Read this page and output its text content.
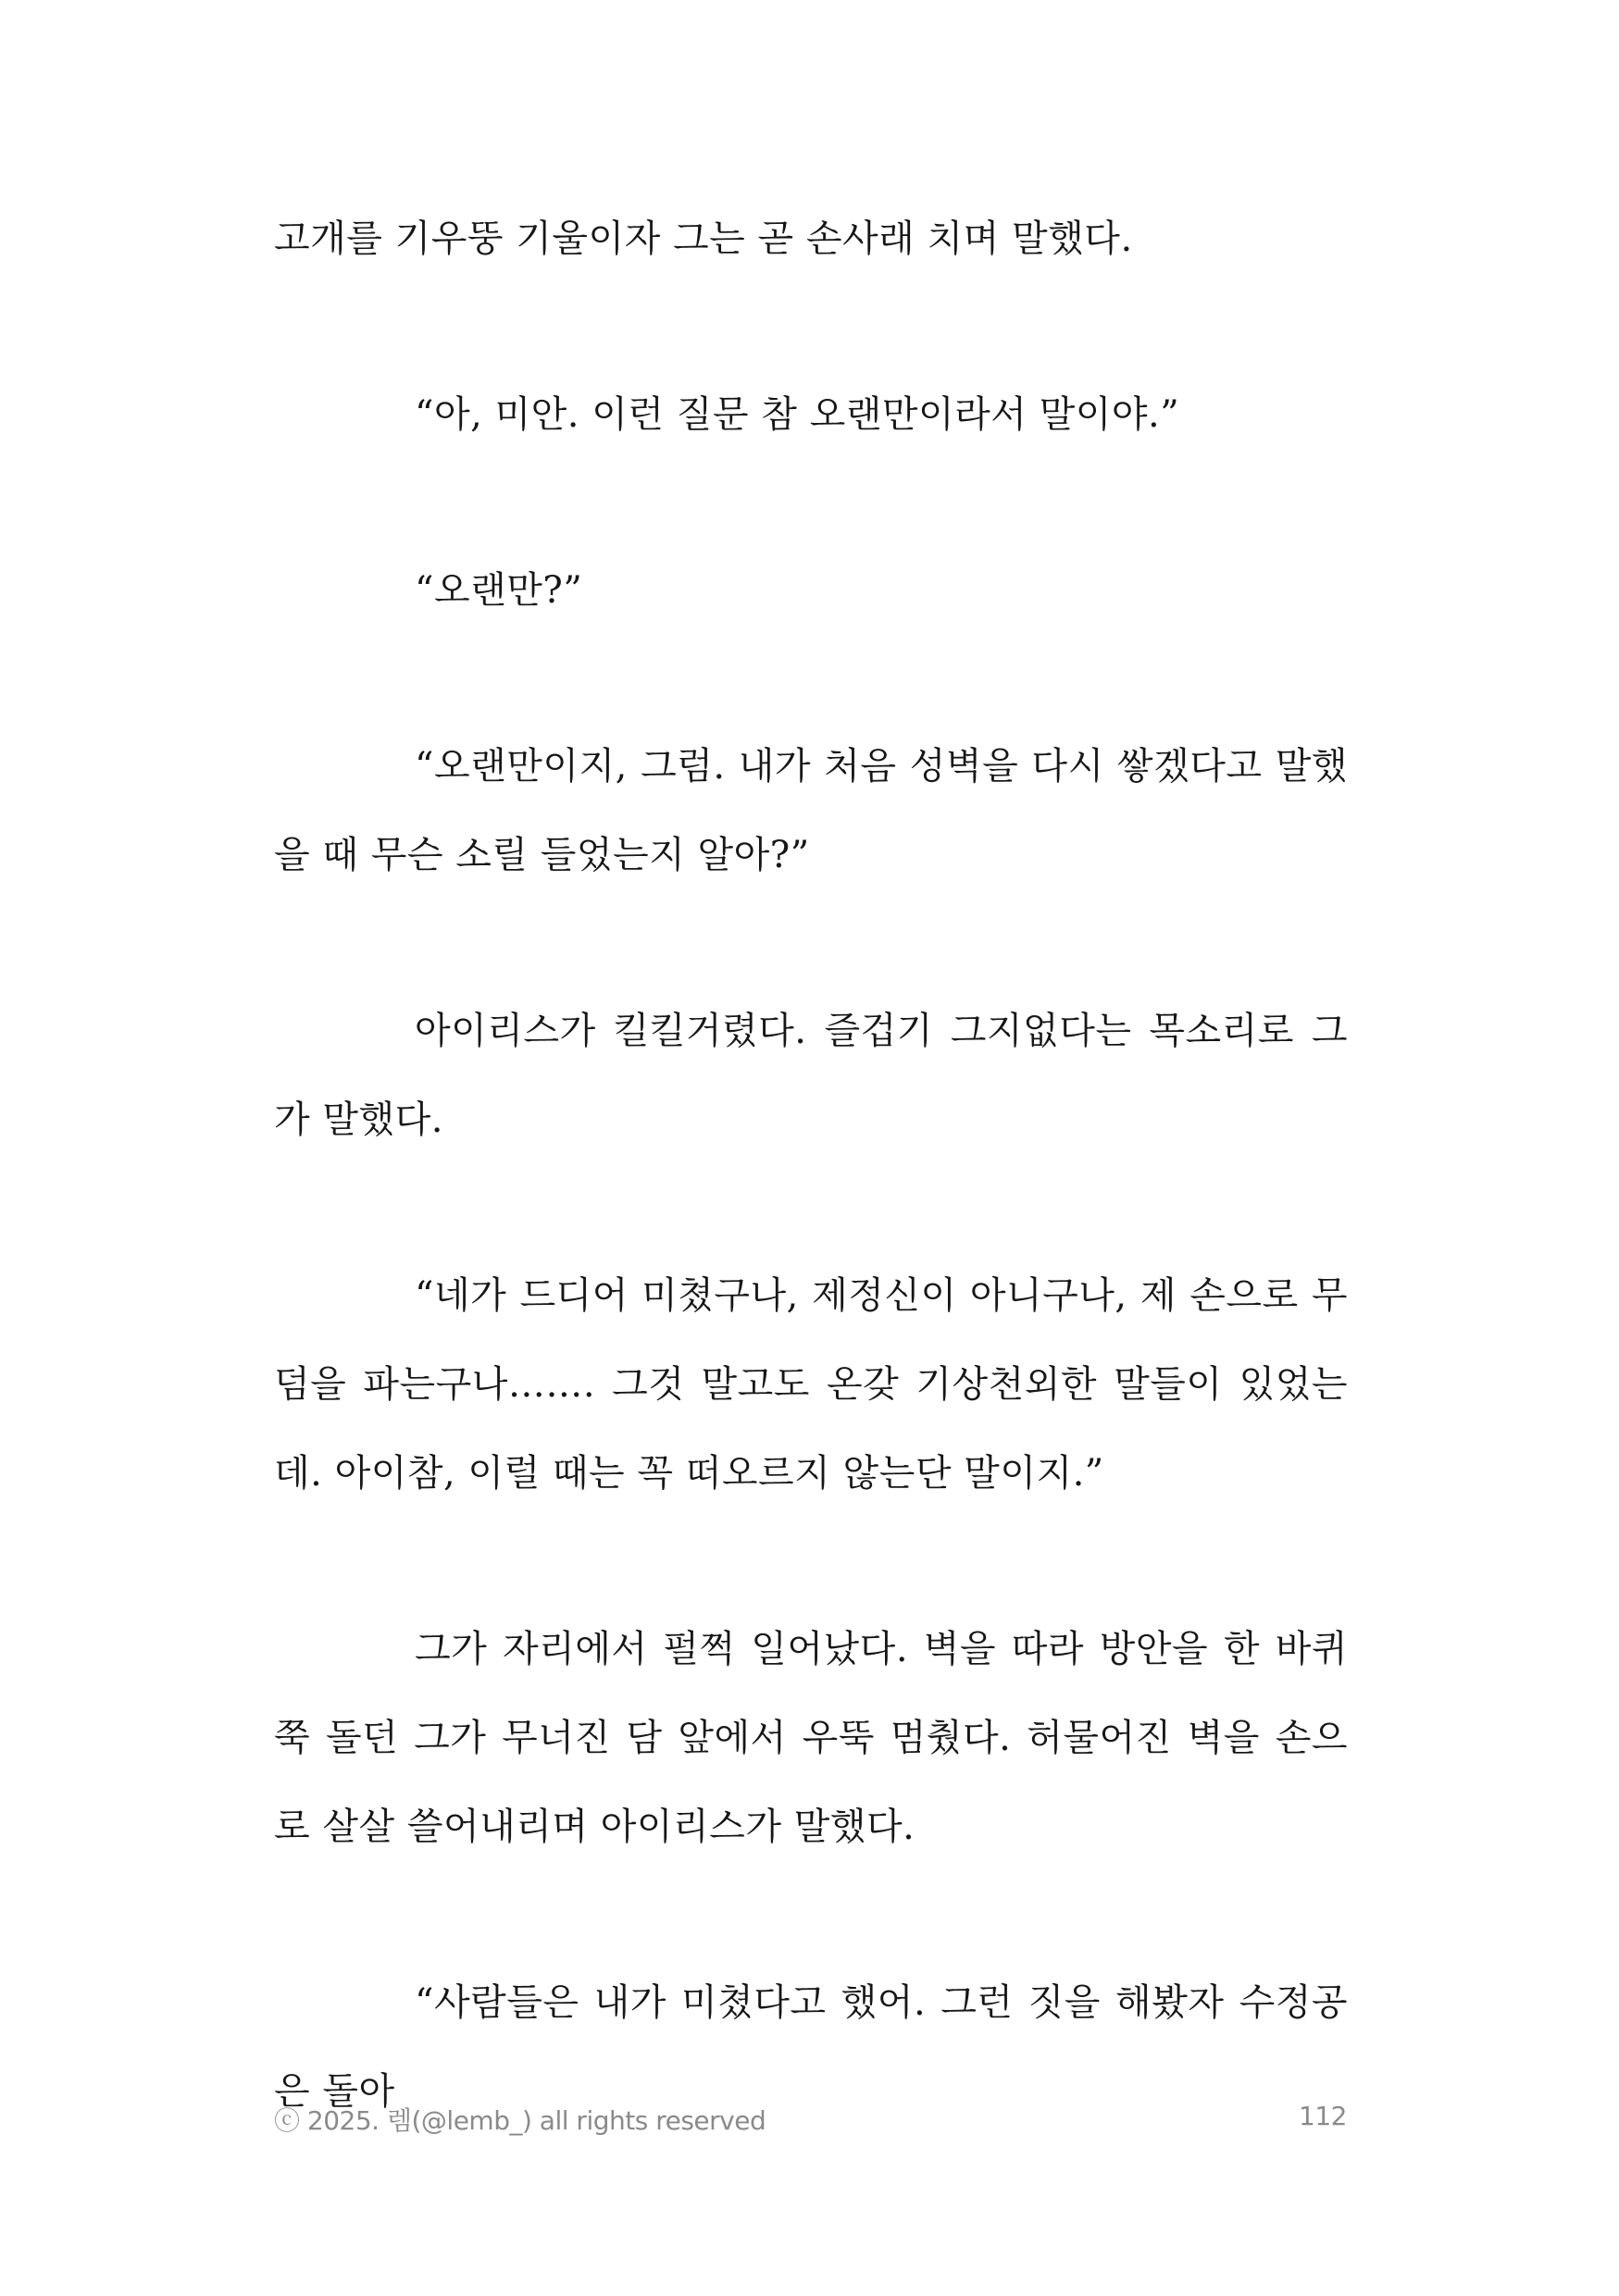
고개를 기우뚱 기울이자 그는 곧 손사래 치며 말했다.

“아, 미안. 이런 질문 참 오랜만이라서 말이야.”

“오랜만?”

“오랜만이지, 그럼. 내가 처음 성벽을 다시 쌓겠다고 말했을 때 무슨 소릴 들었는지 알아?”

아이리스가 킬킬거렸다. 즐겁기 그지없다는 목소리로 그가 말했다.

“네가 드디어 미쳤구나, 제정신이 아니구나, 제 손으로 무덤을 파는구나……. 그것 말고도 온갖 기상천외한 말들이 있었는데. 아이참, 이럴 때는 꼭 떠오르지 않는단 말이지.”

그가 자리에서 펄쩍 일어났다. 벽을 따라 방안을 한 바퀴 쭉 돌던 그가 무너진 담 앞에서 우뚝 멈췄다. 허물어진 벽을 손으로 살살 쓸어내리며 아이리스가 말했다.

“사람들은 내가 미쳤다고 했어. 그런 짓을 해봤자 수정공은 돌아

ⓒ 2025. 렘(@lemb_) all rights reserved	112
